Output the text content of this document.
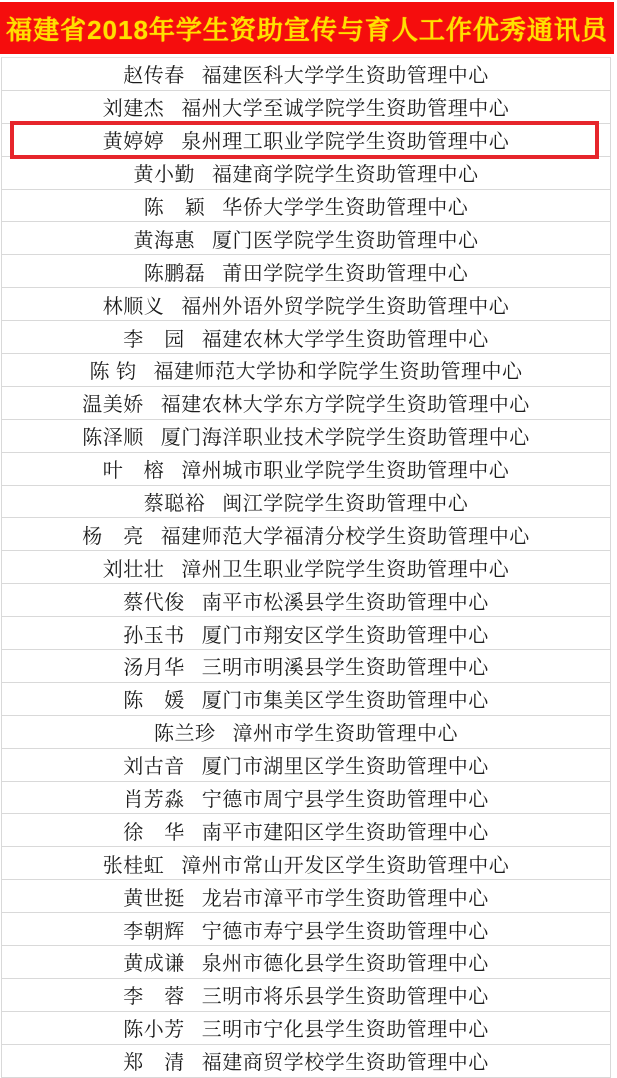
福建省2018年学生资助宣传与育人工作优秀通讯员
赵传春 福建医科大学学生资助管理中心
刘建杰 福州大学至诚学院学生资助管理中心
黄婷婷 泉州理工职业学院学生资助管理中心
黄小勤 福建商学院学生资助管理中心
陈　颖 华侨大学学生资助管理中心
黄海惠 厦门医学院学生资助管理中心
陈鹏磊 莆田学院学生资助管理中心
林顺义 福州外语外贸学院学生资助管理中心
李　园 福建农林大学学生资助管理中心
陈 钧 福建师范大学协和学院学生资助管理中心
温美娇 福建农林大学东方学院学生资助管理中心
陈泽顺 厦门海洋职业技术学院学生资助管理中心
叶　榕 漳州城市职业学院学生资助管理中心
蔡聪裕 闽江学院学生资助管理中心
杨　亮 福建师范大学福清分校学生资助管理中心
刘壮壮 漳州卫生职业学院学生资助管理中心
蔡代俊 南平市松溪县学生资助管理中心
孙玉书 厦门市翔安区学生资助管理中心
汤月华 三明市明溪县学生资助管理中心
陈　媛 厦门市集美区学生资助管理中心
陈兰珍 漳州市学生资助管理中心
刘古音 厦门市湖里区学生资助管理中心
肖芳淼 宁德市周宁县学生资助管理中心
徐　华 南平市建阳区学生资助管理中心
张桂虹 漳州市常山开发区学生资助管理中心
黄世挺 龙岩市漳平市学生资助管理中心
李朝辉 宁德市寿宁县学生资助管理中心
黄成谦 泉州市德化县学生资助管理中心
李　蓉 三明市将乐县学生资助管理中心
陈小芳 三明市宁化县学生资助管理中心
郑　清 福建商贸学校学生资助管理中心
